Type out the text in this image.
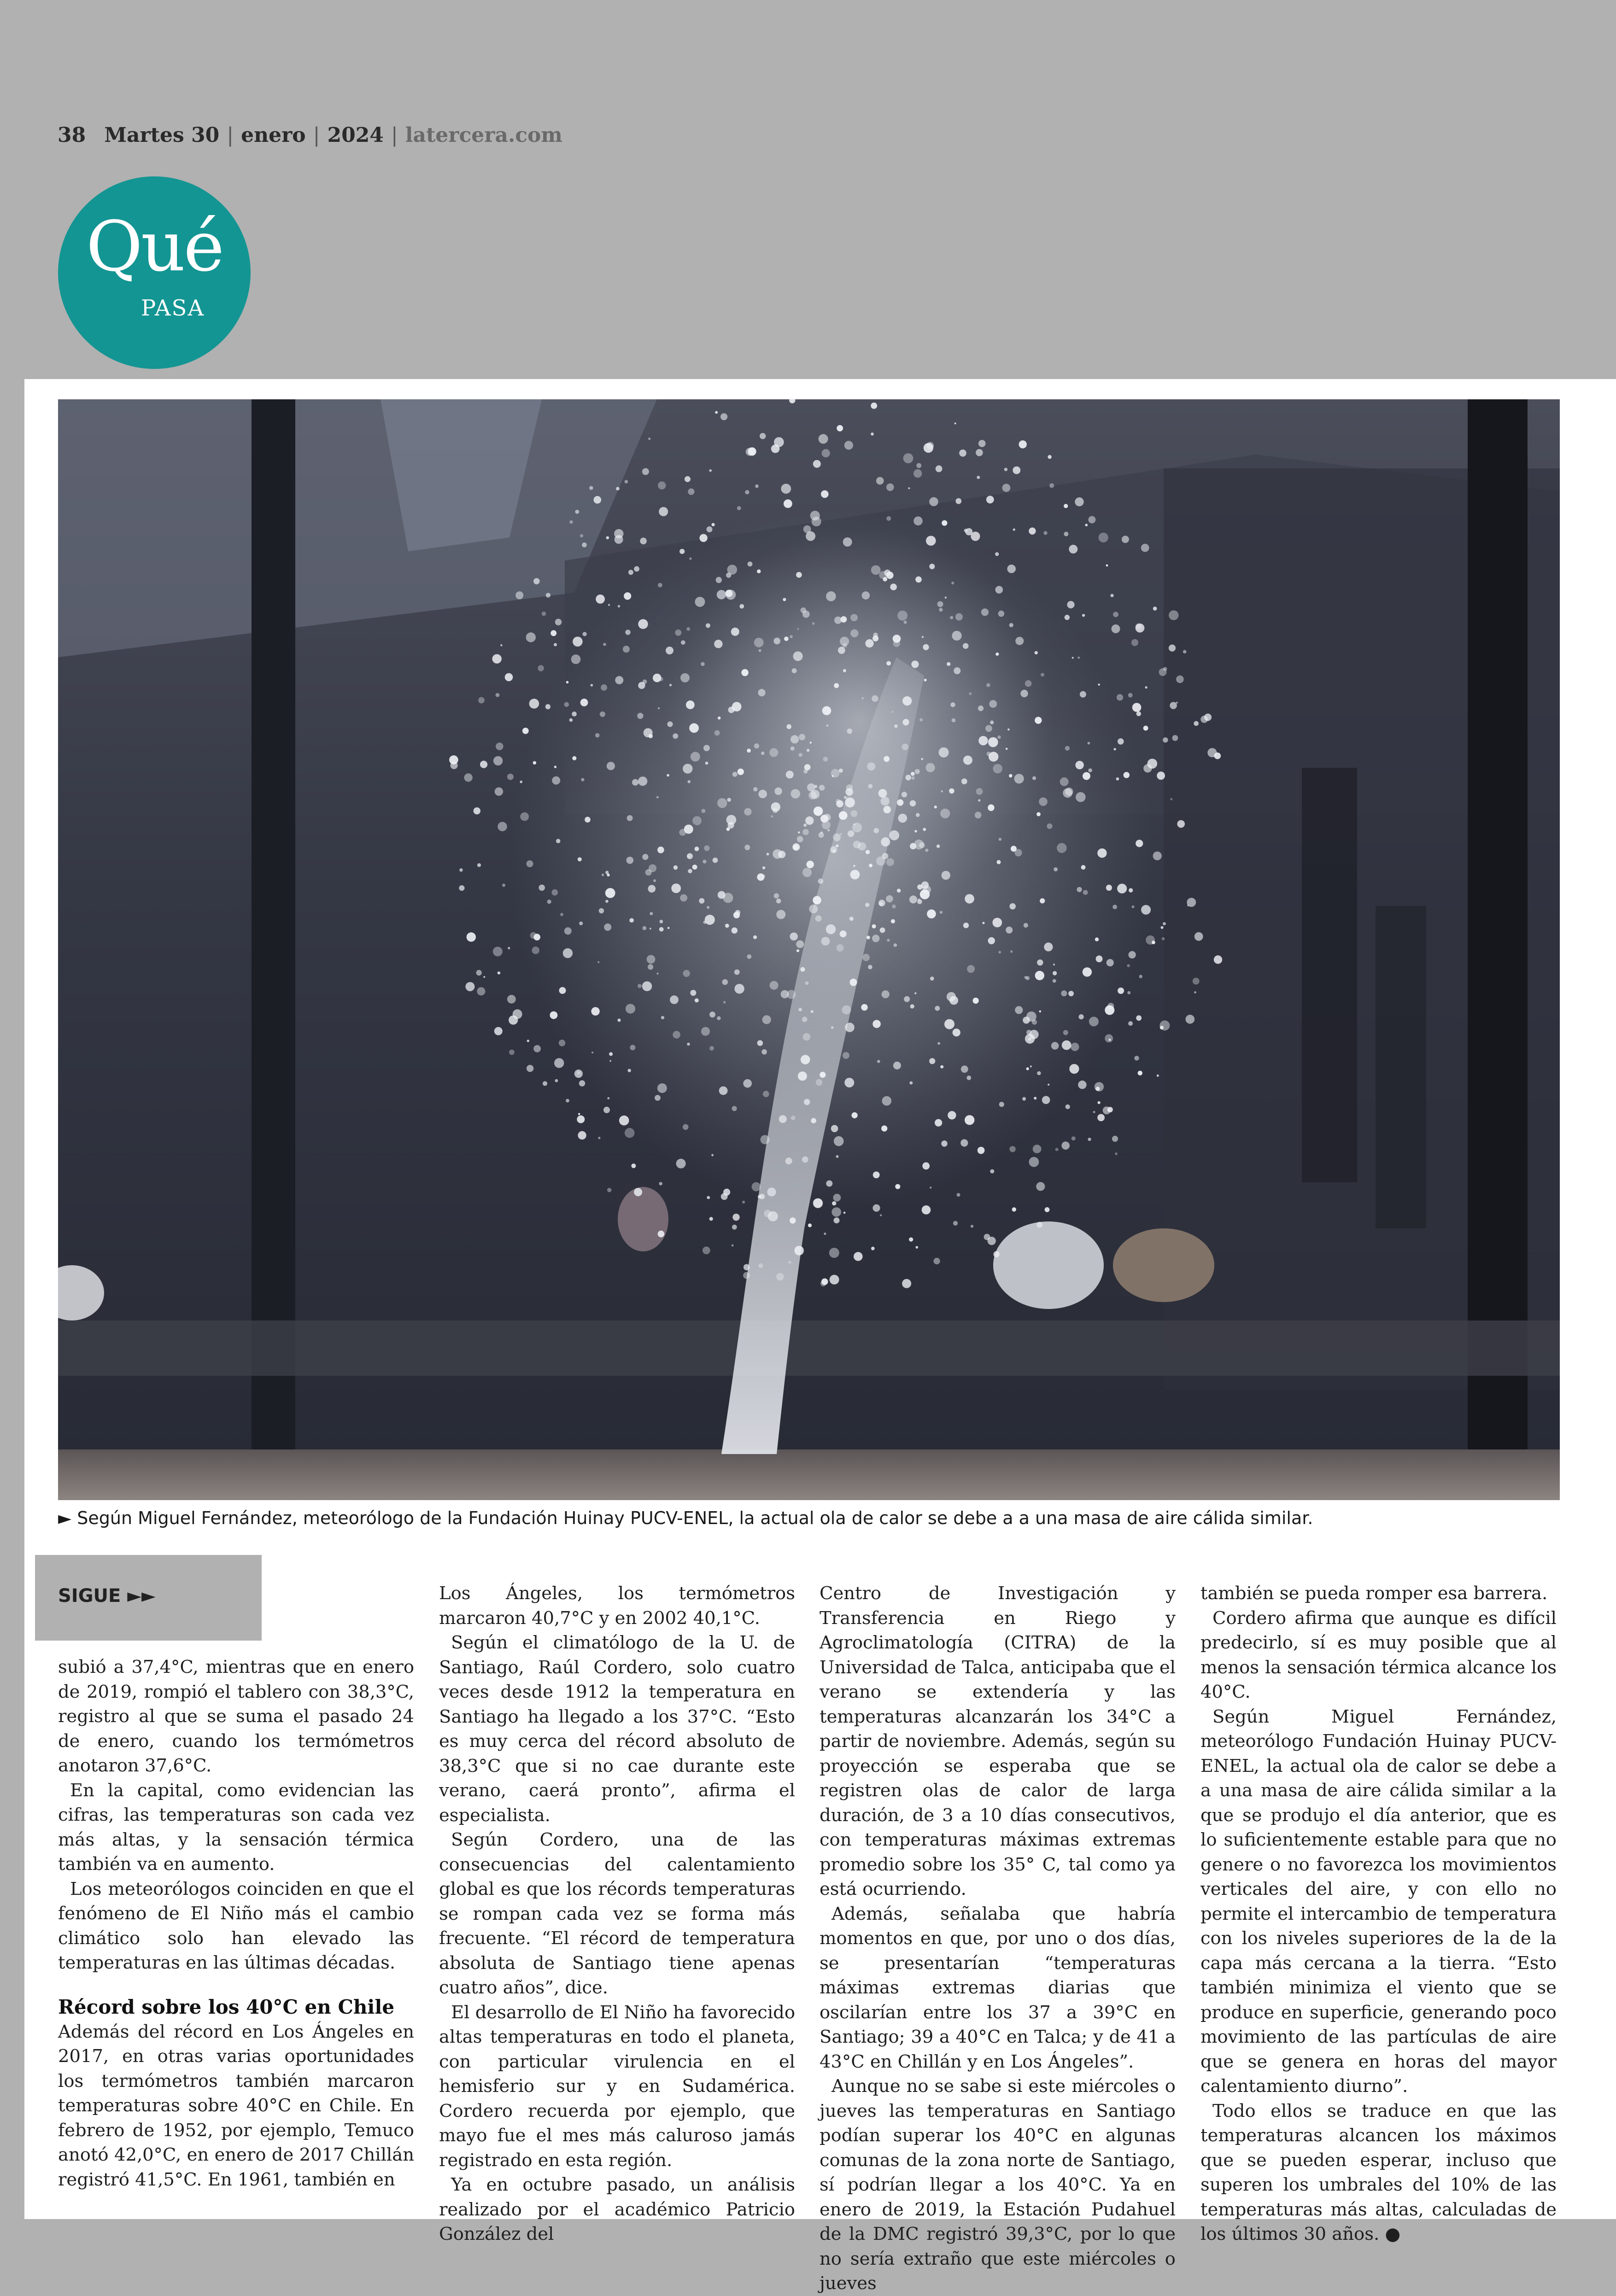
38 Martes 30 | enero | 2024 | latercera.com
Qué
PASA
► Según Miguel Fernández, meteorólogo de la Fundación Huinay PUCV-ENEL, la actual ola de calor se debe a a una masa de aire cálida similar.
SIGUE ►►

subió a 37,4°C, mientras que en enero de 2019, rompió el tablero con 38,3°C, registro al que se suma el pasado 24 de enero, cuando los termómetros anotaron 37,6°C.

En la capital, como evidencian las cifras, las temperaturas son cada vez más altas, y la sensación térmica también va en aumento.

Los meteorólogos coinciden en que el fenómeno de El Niño más el cambio climático solo han elevado las temperaturas en las últimas décadas.

Récord sobre los 40°C en Chile

Además del récord en Los Ángeles en 2017, en otras varias oportunidades los termómetros también marcaron temperaturas sobre 40°C en Chile. En febrero de 1952, por ejemplo, Temuco anotó 42,0°C, en enero de 2017 Chillán registró 41,5°C. En 1961, también en

Los Ángeles, los termómetros marcaron 40,7°C y en 2002 40,1°C.

Según el climatólogo de la U. de Santiago, Raúl Cordero, solo cuatro veces desde 1912 la temperatura en Santiago ha llegado a los 37°C. “Esto es muy cerca del récord absoluto de 38,3°C que si no cae durante este verano, caerá pronto”, afirma el especialista.

Según Cordero, una de las consecuencias del calentamiento global es que los récords temperaturas se rompan cada vez se forma más frecuente. “El récord de temperatura absoluta de Santiago tiene apenas cuatro años”, dice.

El desarrollo de El Niño ha favorecido altas temperaturas en todo el planeta, con particular virulencia en el hemisferio sur y en Sudamérica. Cordero recuerda por ejemplo, que mayo fue el mes más caluroso jamás registrado en esta región.

Ya en octubre pasado, un análisis realizado por el académico Patricio González del

Centro de Investigación y Transferencia en Riego y Agroclimatología (CITRA) de la Universidad de Talca, anticipaba que el verano se extendería y las temperaturas alcanzarán los 34°C a partir de noviembre. Además, según su proyección se esperaba que se registren olas de calor de larga duración, de 3 a 10 días consecutivos, con temperaturas máximas extremas promedio sobre los 35° C, tal como ya está ocurriendo.

Además, señalaba que habría momentos en que, por uno o dos días, se presentarían “temperaturas máximas extremas diarias que oscilarían entre los 37 a 39°C en Santiago; 39 a 40°C en Talca; y de 41 a 43°C en Chillán y en Los Ángeles”.

Aunque no se sabe si este miércoles o jueves las temperaturas en Santiago podían superar los 40°C en algunas comunas de la zona norte de Santiago, sí podrían llegar a los 40°C. Ya en enero de 2019, la Estación Pudahuel de la DMC registró 39,3°C, por lo que no sería extraño que este miércoles o jueves

también se pueda romper esa barrera.

Cordero afirma que aunque es difícil predecirlo, sí es muy posible que al menos la sensación térmica alcance los 40°C.

Según Miguel Fernández, meteorólogo Fundación Huinay PUCV-ENEL, la actual ola de calor se debe a a una masa de aire cálida similar a la que se produjo el día anterior, que es lo suficientemente estable para que no genere o no favorezca los movimientos verticales del aire, y con ello no permite el intercambio de temperatura con los niveles superiores de la de la capa más cercana a la tierra. “Esto también minimiza el viento que se produce en superficie, generando poco movimiento de las partículas de aire que se genera en horas del mayor calentamiento diurno”.

Todo ellos se traduce en que las temperaturas alcancen los máximos que se pueden esperar, incluso que superen los umbrales del 10% de las temperaturas más altas, calculadas de los últimos 30 años. ●
